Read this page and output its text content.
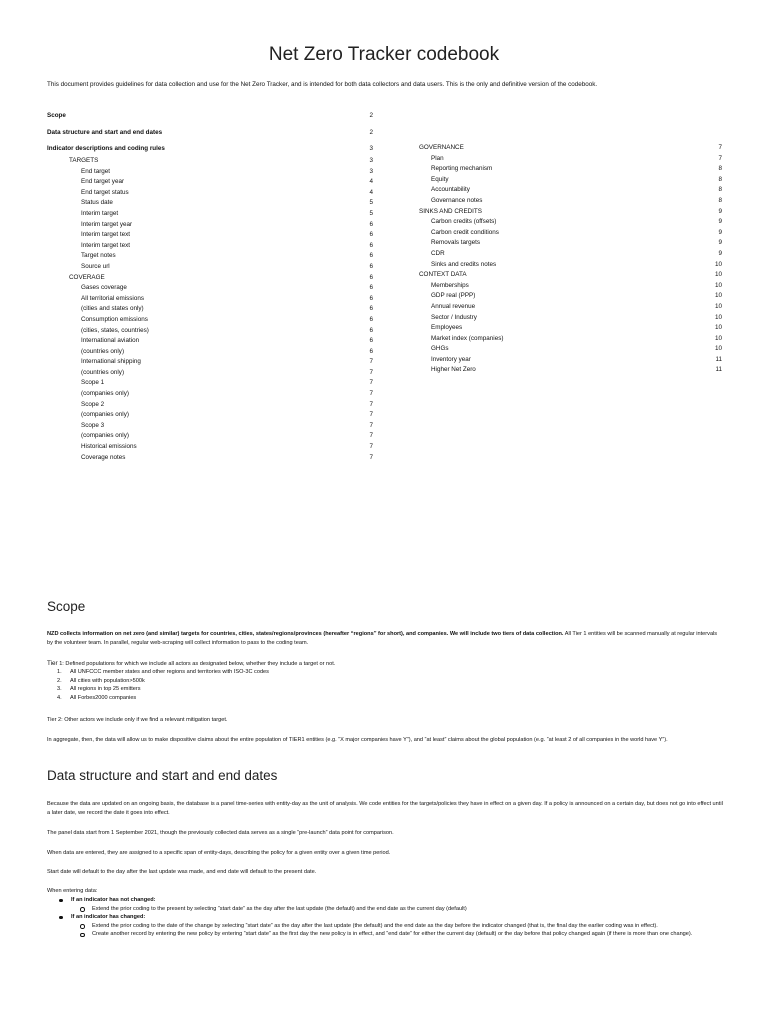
Net Zero Tracker codebook
This document provides guidelines for data collection and use for the Net Zero Tracker, and is intended for both data collectors and data users. This is the only and definitive version of the codebook.
Scope	2
Data structure and start and end dates	2
Indicator descriptions and coding rules	3
TARGETS	3
End target	3
End target year	4
End target status	4
Status date	5
Interim target	5
Interim target year	6
Interim target text	6
Interim target text	6
Target notes	6
Source url	6
COVERAGE	6
Gases coverage	6
All territorial emissions	6
(cities and states only)	6
Consumption emissions	6
(cities, states, countries)	6
International aviation	6
(countries only)	6
International shipping	7
(countries only)	7
Scope 1	7
(companies only)	7
Scope 2	7
(companies only)	7
Scope 3	7
(companies only)	7
Historical emissions	7
Coverage notes	7
GOVERNANCE	7
Plan	7
Reporting mechanism	8
Equity	8
Accountability	8
Governance notes	8
SINKS AND CREDITS	9
Carbon credits (offsets)	9
Carbon credit conditions	9
Removals targets	9
CDR	9
Sinks and credits notes	10
CONTEXT DATA	10
Memberships	10
GDP real (PPP)	10
Annual revenue	10
Sector / Industry	10
Employees	10
Market index (companies)	10
GHGs	10
Inventory year	11
Higher Net Zero	11
Scope
NZD collects information on net zero (and similar) targets for countries, cities, states/regions/provinces (hereafter “regions” for short), and companies. We will include two tiers of data collection. All Tier 1 entities will be scanned manually at regular intervals by the volunteer team. In parallel, regular web-scraping will collect information to pass to the coding team.
Tier 1: Defined populations for which we include all actors as designated below, whether they include a target or not.
1. All UNFCCC member states and other regions and territories with ISO-3C codes
2. All cities with population>500k
3. All regions in top 25 emitters
4. All Forbes2000 companies
Tier 2: Other actors we include only if we find a relevant mitigation target.
In aggregate, then, the data will allow us to make dispositive claims about the entire population of TIER1 entities (e.g. “X major companies have Y”), and “at least” claims about the global population (e.g. “at least 2 of all companies in the world have Y”).
Data structure and start and end dates
Because the data are updated on an ongoing basis, the database is a panel time-series with entity-day as the unit of analysis. We code entities for the targets/policies they have in effect on a given day. If a policy is announced on a certain day, but does not go into effect until a later date, we record the date it goes into effect.
The panel data start from 1 September 2021, though the previously collected data serves as a single “pre-launch” data point for comparison.
When data are entered, they are assigned to a specific span of entity-days, describing the policy for a given entity over a given time period.
Start date will default to the day after the last update was made, and end date will default to the present date.
When entering data:
If an indicator has not changed:
Extend the prior coding to the present by selecting “start date” as the day after the last update (the default) and the end date as the current day (default)
If an indicator has changed:
Extend the prior coding to the date of the change by selecting “start date” as the day after the last update (the default) and the end date as the day before the indicator changed (that is, the final day the earlier coding was in effect).
Create another record by entering the new policy by entering “start date” as the first day the new policy is in effect, and “end date” for either the current day (default) or the day before that policy changed again (if there is more than one change).
